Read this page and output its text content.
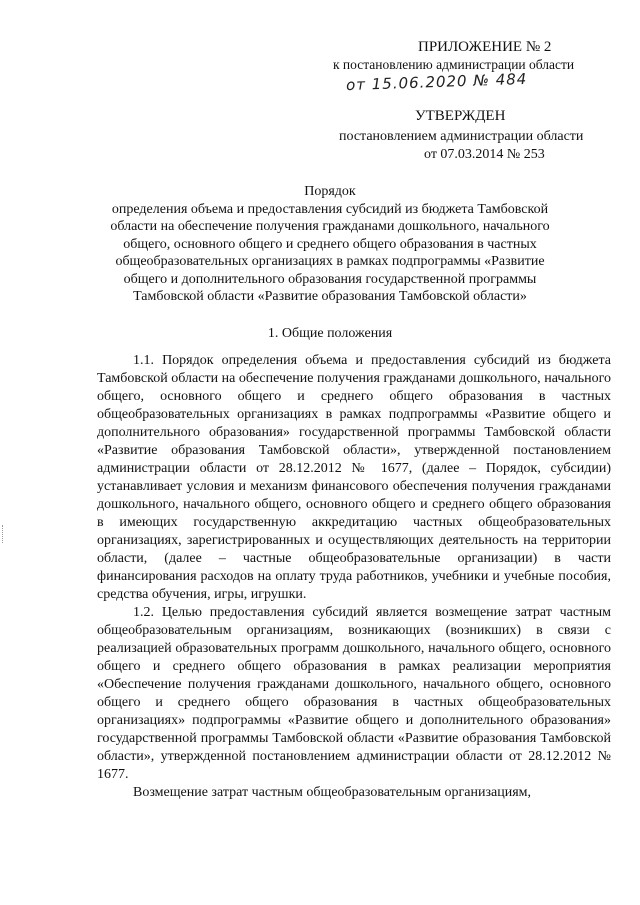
ПРИЛОЖЕНИЕ № 2
к постановлению администрации области
от 15.06.2020 № 484
УТВЕРЖДЕН
постановлением администрации области
от 07.03.2014 № 253
Порядок
определения объема и предоставления субсидий из бюджета Тамбовской
области на обеспечение получения гражданами дошкольного, начального
общего, основного общего и среднего общего образования в частных
общеобразовательных организациях в рамках подпрограммы «Развитие
общего и дополнительного образования государственной программы
Тамбовской области «Развитие образования Тамбовской области»
1. Общие положения

1.1. Порядок определения объема и предоставления субсидий из бюджета Тамбовской области на обеспечение получения гражданами дошкольного, начального общего, основного общего и среднего общего образования в частных общеобразовательных организациях в рамках подпрограммы «Развитие общего и дополнительного образования» государственной программы Тамбовской области «Развитие образования Тамбовской области», утвержденной постановлением администрации области от 28.12.2012 № 1677, (далее – Порядок, субсидии) устанавливает условия и механизм финансового обеспечения получения гражданами дошкольного, начального общего, основного общего и среднего общего образования в имеющих государственную аккредитацию частных общеобразовательных организациях, зарегистрированных и осуществляющих деятельность на территории области, (далее – частные общеобразовательные организации) в части финансирования расходов на оплату труда работников, учебники и учебные пособия, средства обучения, игры, игрушки.

1.2. Целью предоставления субсидий является возмещение затрат частным общеобразовательным организациям, возникающих (возникших) в связи с реализацией образовательных программ дошкольного, начального общего, основного общего и среднего общего образования в рамках реализации мероприятия «Обеспечение получения гражданами дошкольного, начального общего, основного общего и среднего общего образования в частных общеобразовательных организациях» подпрограммы «Развитие общего и дополнительного образования» государственной программы Тамбовской области «Развитие образования Тамбовской области», утвержденной постановлением администрации области от 28.12.2012 № 1677.

Возмещение затрат частным общеобразовательным организациям,
